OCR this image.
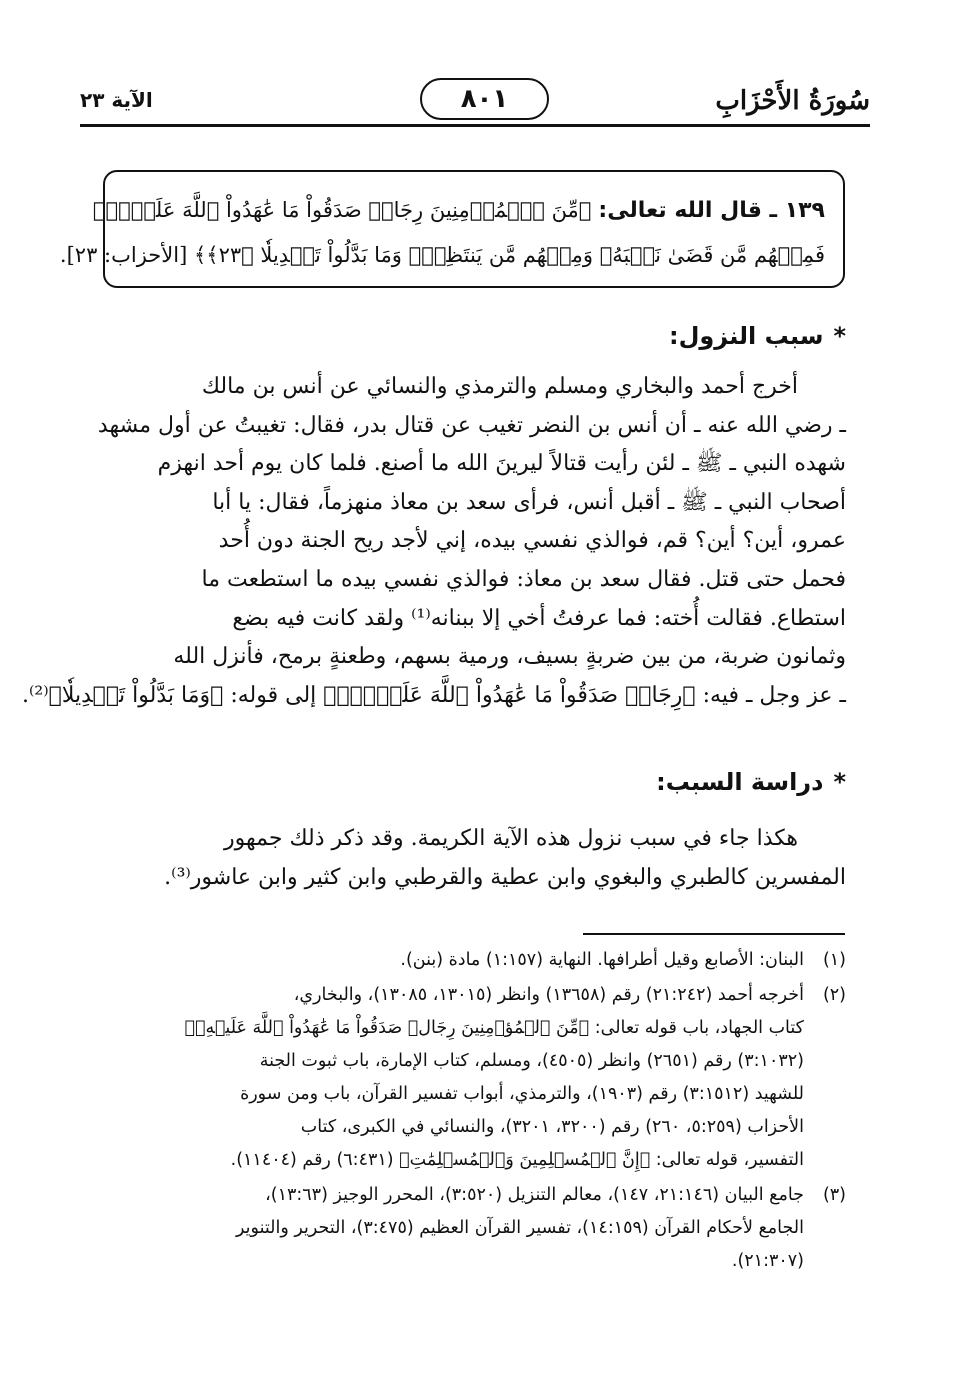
سُورَةُ الأَحْزَابِ
٨٠١
الآية ٢٣
١٣٩ ـ قال الله تعالى: ﴿مِّنَ ٱلۡمُؤۡمِنِينَ رِجَالٞ صَدَقُواْ مَا عَٰهَدُواْ ٱللَّهَ عَلَيۡهِۖ
فَمِنۡهُم مَّن قَضَىٰ نَحۡبَهُۥ وَمِنۡهُم مَّن يَنتَظِرُۖ وَمَا بَدَّلُواْ تَبۡدِيلٗا ﴿٢٣﴾﴾ [الأحزاب: ٢٣].
*سبب النزول:
أخرج أحمد والبخاري ومسلم والترمذي والنسائي عن أنس بن مالك
ـ رضي الله عنه ـ أن أنس بن النضر تغيب عن قتال بدر، فقال: تغيبتُ عن أول مشهد
شهده النبي ـ ﷺ ـ لئن رأيت قتالاً ليرينَ الله ما أصنع. فلما كان يوم أحد انهزم
أصحاب النبي ـ ﷺ ـ أقبل أنس، فرأى سعد بن معاذ منهزماً، فقال: يا أبا
عمرو، أين؟ أين؟ قم، فوالذي نفسي بيده، إني لأجد ريح الجنة دون أُحد
فحمل حتى قتل. فقال سعد بن معاذ: فوالذي نفسي بيده ما استطعت ما
استطاع. فقالت أُخته: فما عرفتُ أخي إلا ببنانه⁽¹⁾ ولقد كانت فيه بضع
وثمانون ضربة، من بين ضربةٍ بسيف، ورمية بسهم، وطعنةٍ برمح، فأنزل الله
ـ عز وجل ـ فيه: ﴿رِجَالٞ صَدَقُواْ مَا عَٰهَدُواْ ٱللَّهَ عَلَيۡهِۖ﴾ إلى قوله: ﴿وَمَا بَدَّلُواْ تَبۡدِيلٗا﴾⁽²⁾.
*دراسة السبب:
هكذا جاء في سبب نزول هذه الآية الكريمة. وقد ذكر ذلك جمهور
المفسرين كالطبري والبغوي وابن عطية والقرطبي وابن كثير وابن عاشور⁽³⁾.
(١)
البنان: الأصابع وقيل أطرافها. النهاية (١:١٥٧) مادة (بنن).
(٢)
أخرجه أحمد (٢١:٢٤٢) رقم (١٣٦٥٨) وانظر (١٣٠١٥، ١٣٠٨٥)، والبخاري،
كتاب الجهاد، باب قوله تعالى: ﴿مِّنَ ٱلۡمُؤۡمِنِينَ رِجَالٞ صَدَقُواْ مَا عَٰهَدُواْ ٱللَّهَ عَلَيۡهِۖ﴾
(٣:١٠٣٢) رقم (٢٦٥١) وانظر (٤٥٠٥)، ومسلم، كتاب الإمارة، باب ثبوت الجنة
للشهيد (٣:١٥١٢) رقم (١٩٠٣)، والترمذي، أبواب تفسير القرآن، باب ومن سورة
الأحزاب (٥:٢٥٩، ٢٦٠) رقم (٣٢٠٠، ٣٢٠١)، والنسائي في الكبرى، كتاب
التفسير، قوله تعالى: ﴿إِنَّ ٱلۡمُسۡلِمِينَ وَٱلۡمُسۡلِمَٰتِ﴾ (٦:٤٣١) رقم (١١٤٠٤).
(٣)
جامع البيان (٢١:١٤٦، ١٤٧)، معالم التنزيل (٣:٥٢٠)، المحرر الوجيز (١٣:٦٣)،
الجامع لأحكام القرآن (١٤:١٥٩)، تفسير القرآن العظيم (٣:٤٧٥)، التحرير والتنوير
(٢١:٣٠٧).
